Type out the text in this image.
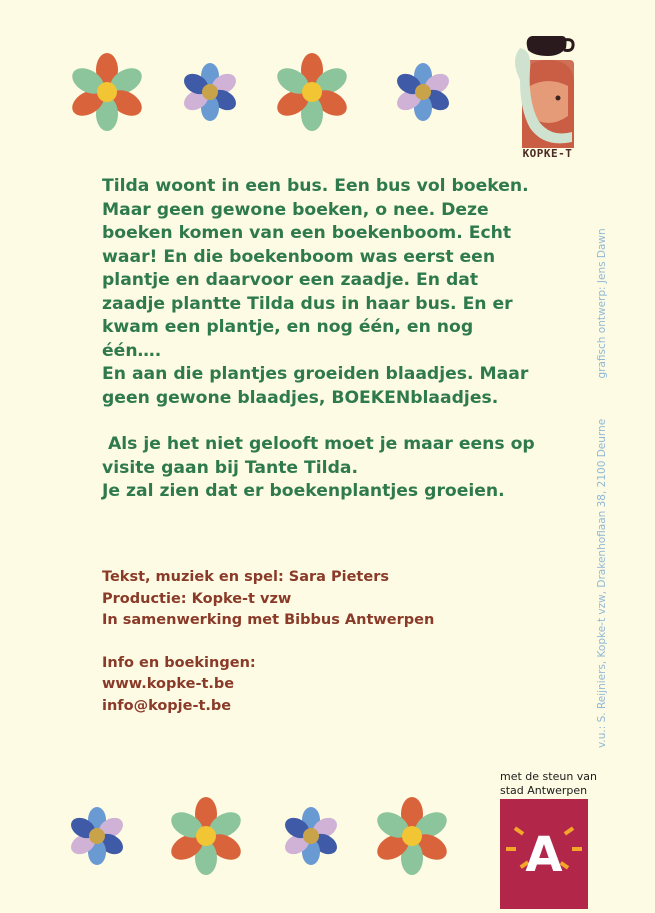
KOPKE-T

Tilda woont in een bus. Een bus vol boeken.
Maar geen gewone boeken, o nee. Deze
boeken komen van een boekenboom. Echt
waar! En die boekenboom was eerst een
plantje en daarvoor een zaadje. En dat
zaadje plantte Tilda dus in haar bus. En er
kwam een plantje, en nog één, en nog één….
En aan die plantjes groeiden blaadjes. Maar
geen gewone blaadjes, BOEKENblaadjes.

Als je het niet gelooft moet je maar eens op
visite gaan bij Tante Tilda.
Je zal zien dat er boekenplantjes groeien.

Tekst, muziek en spel: Sara Pieters
Productie: Kopke-t vzw
In samenwerking met Bibbus Antwerpen
Info en boekingen:
www.kopke-t.be
info@kopje-t.be	v.u.: S. Reijniers, Kopke-t vzw, Drakenhoflaan 38, 2100 Deurne grafisch ontwerp: Jens Dawn
met de steun van
stad Antwerpen
A
